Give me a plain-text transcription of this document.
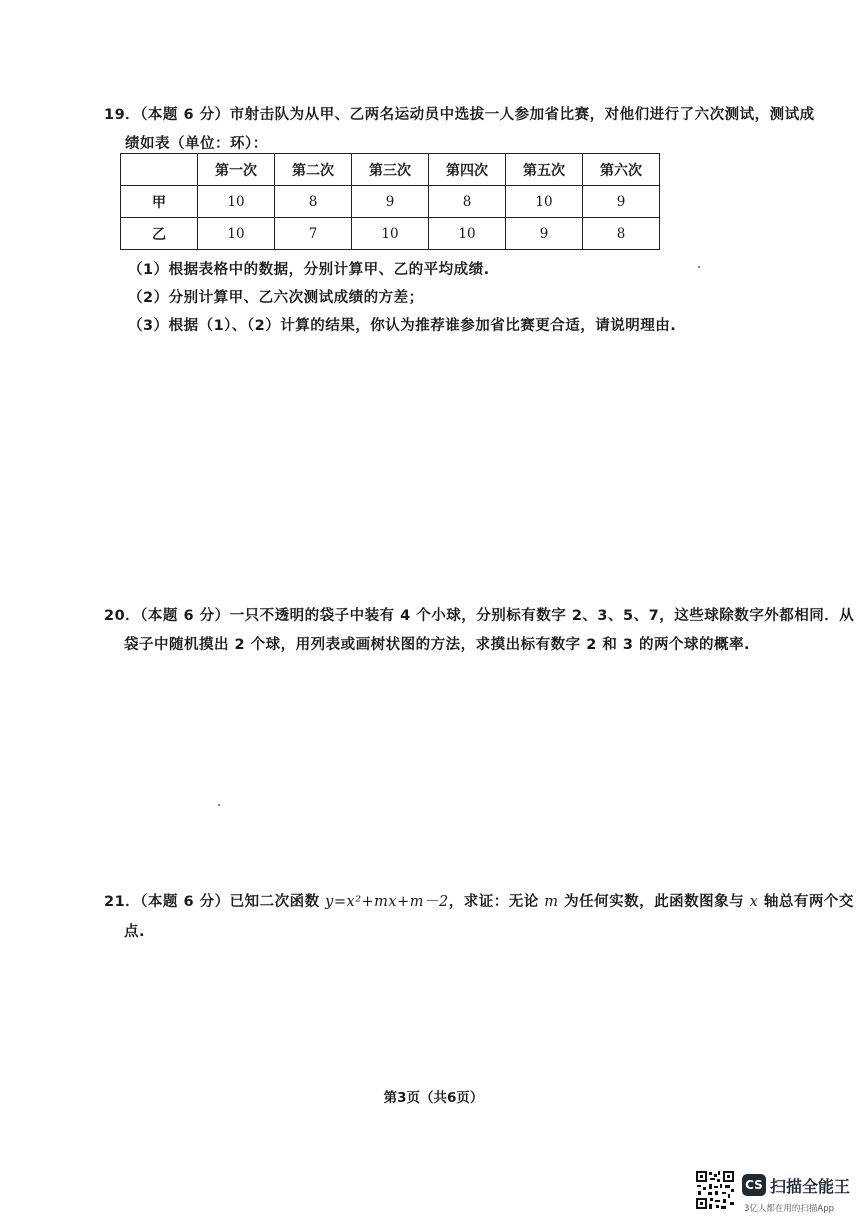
19．（本题 6 分）市射击队为从甲、乙两名运动员中选拔一人参加省比赛，对他们进行了六次测试，测试成
绩如表（单位：环）：
	第一次	第二次	第三次	第四次	第五次	第六次
甲	10	8	9	8	10	9
乙	10	7	10	10	9	8
（1）根据表格中的数据，分别计算甲、乙的平均成绩.
（2）分别计算甲、乙六次测试成绩的方差；
（3）根据（1）、（2）计算的结果，你认为推荐谁参加省比赛更合适，请说明理由.
20．（本题 6 分）一只不透明的袋子中装有 4 个小球，分别标有数字 2、3、5、7，这些球除数字外都相同．从
袋子中随机摸出 2 个球，用列表或画树状图的方法，求摸出标有数字 2 和 3 的两个球的概率.
21．（本题 6 分）已知二次函数 y=x²+mx+m－2，求证：无论 m 为任何实数，此函数图象与 x 轴总有两个交
点.
第3页（共6页）
CS 扫描全能王
3亿人都在用的扫描App
